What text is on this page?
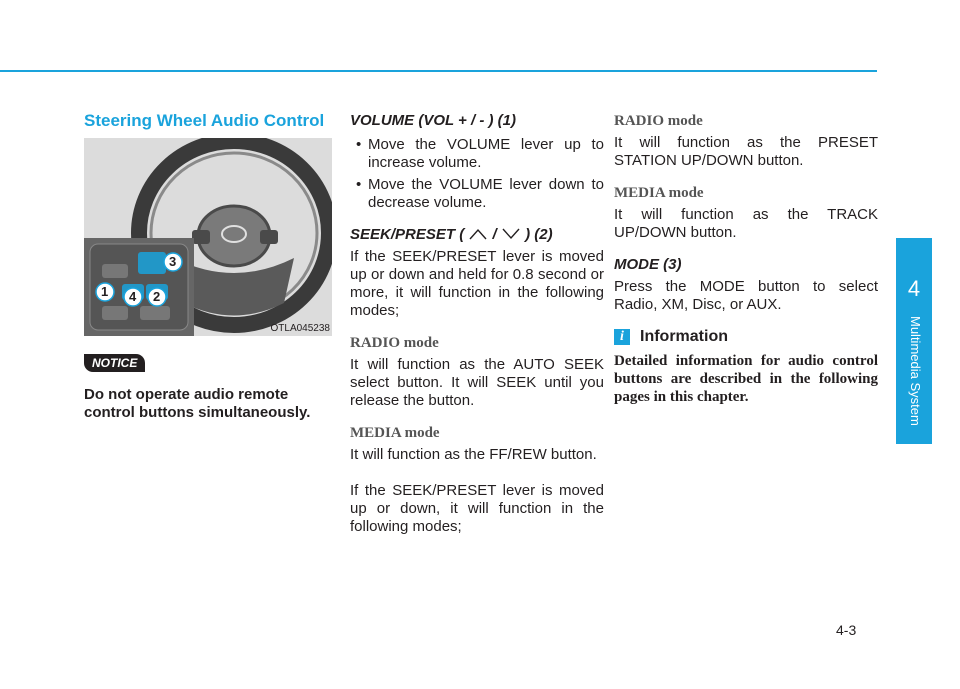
4
Multimedia System
Steering Wheel Audio Control
1 4 2
3
OTLA045238
NOTICE

Do not operate audio remote control buttons simultaneously.

VOLUME (VOL + / - ) (1)
• Move the VOLUME lever up to increase volume.
• Move the VOLUME lever down to decrease volume.
SEEK/PRESET ( / ) (2)

If the SEEK/PRESET lever is moved up or down and held for 0.8 second or more, it will function in the following modes;

RADIO mode

It will function as the AUTO SEEK select button. It will SEEK until you release the button.

MEDIA mode

It will function as the FF/REW button.

If the SEEK/PRESET lever is moved up or down, it will function in the following modes;

RADIO mode

It will function as the PRESET STATION UP/DOWN button.

MEDIA mode

It will function as the TRACK UP/DOWN button.

MODE (3)

Press the MODE button to select Radio, XM, Disc, or AUX.

i	Information

Detailed information for audio control buttons are described in the following pages in this chapter.

4-3
